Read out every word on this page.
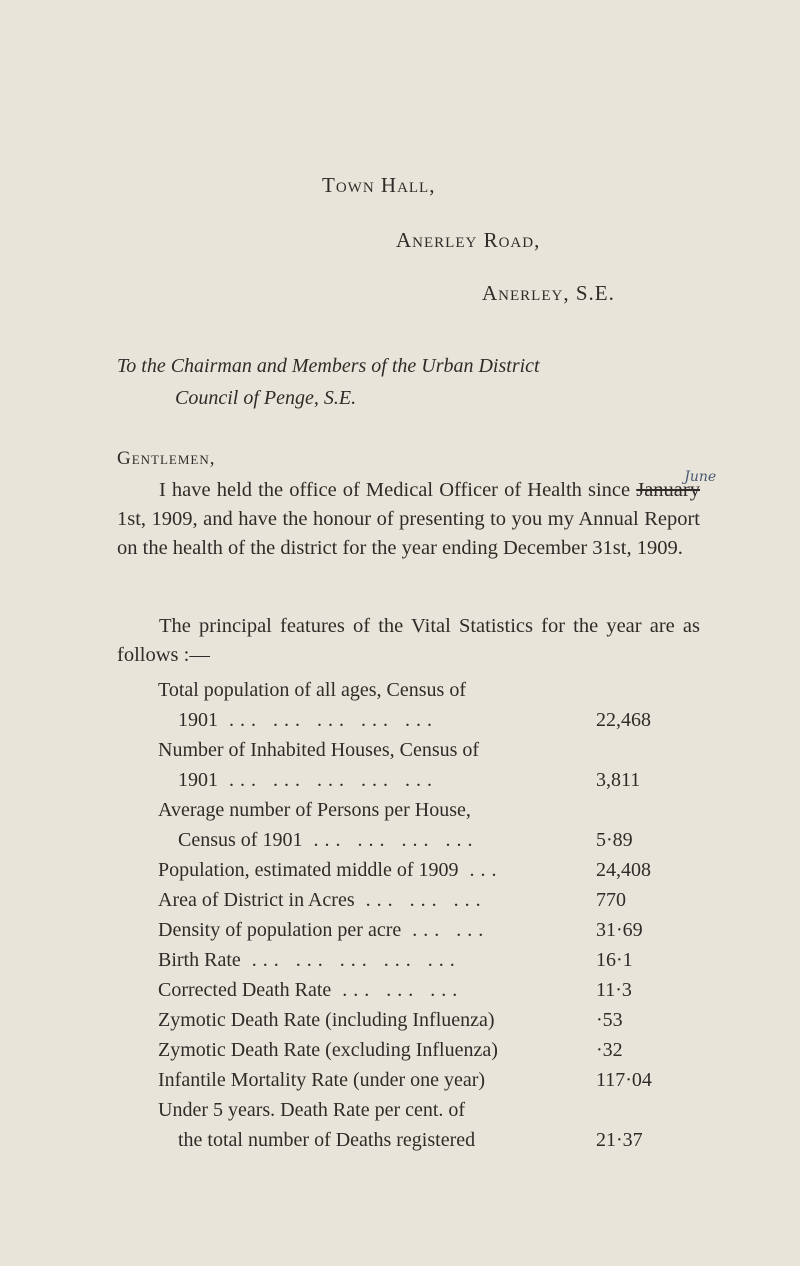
Town Hall,
Anerley Road,
Anerley, S.E.
To the Chairman and Members of the Urban District
Council of Penge, S.E.
Gentlemen,

I have held the office of Medical Officer of Health since January
June
1st, 1909, and have the honour of presenting to you my Annual Report on the health of the district for the year ending December 31st, 1909.

The principal features of the Vital Statistics for the year are as follows :—

Total population of all ages, Census of
1901 ... ... ... ... ...	22,468
Number of Inhabited Houses, Census of
1901 ... ... ... ... ...	3,811
Average number of Persons per House,
Census of 1901 ... ... ... ...	5·89
Population, estimated middle of 1909 ...	24,408
Area of District in Acres ... ... ...	770
Density of population per acre ... ...	31·69
Birth Rate ... ... ... ... ...	16·1
Corrected Death Rate ... ... ...	11·3
Zymotic Death Rate (including Influenza)	·53
Zymotic Death Rate (excluding Influenza)	·32
Infantile Mortality Rate (under one year)	117·04
Under 5 years. Death Rate per cent. of
the total number of Deaths registered	21·37
